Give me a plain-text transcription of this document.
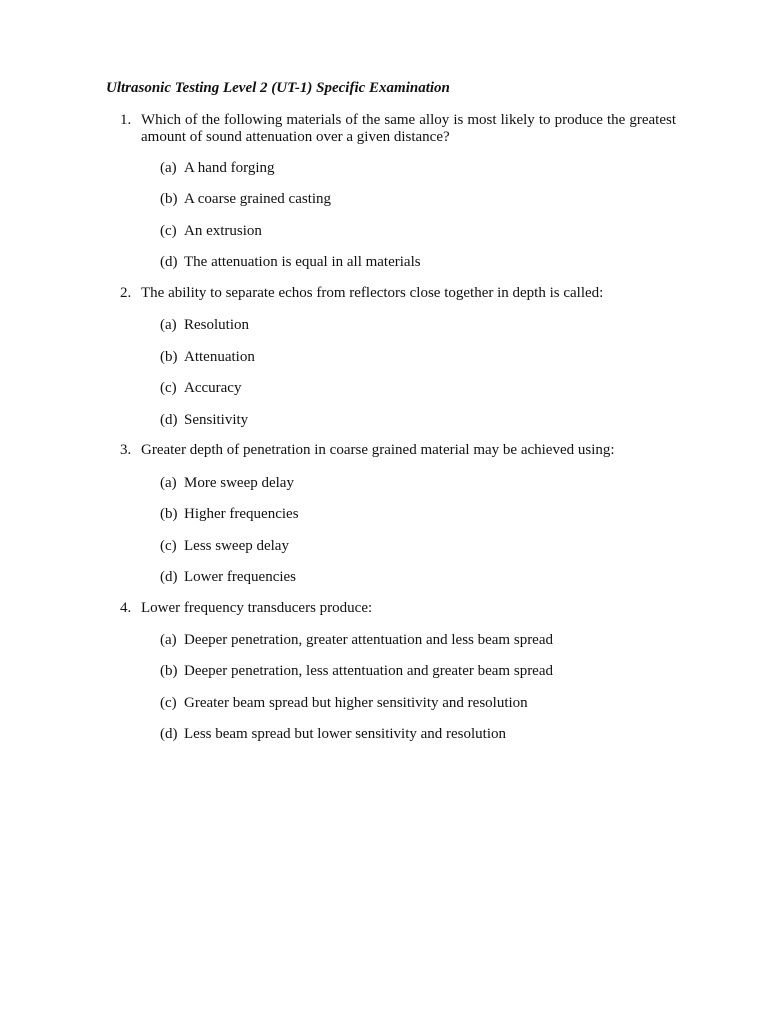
Ultrasonic Testing Level 2 (UT-1) Specific Examination
1. Which of the following materials of the same alloy is most likely to produce the greatest amount of sound attenuation over a given distance?
(a) A hand forging
(b) A coarse grained casting
(c) An extrusion
(d) The attenuation is equal in all materials
2. The ability to separate echos from reflectors close together in depth is called:
(a) Resolution
(b) Attenuation
(c) Accuracy
(d) Sensitivity
3. Greater depth of penetration in coarse grained material may be achieved using:
(a) More sweep delay
(b) Higher frequencies
(c) Less sweep delay
(d) Lower frequencies
4. Lower frequency transducers produce:
(a) Deeper penetration, greater attentuation and less beam spread
(b) Deeper penetration, less attentuation and greater beam spread
(c) Greater beam spread but higher sensitivity and resolution
(d) Less beam spread but lower sensitivity and resolution
